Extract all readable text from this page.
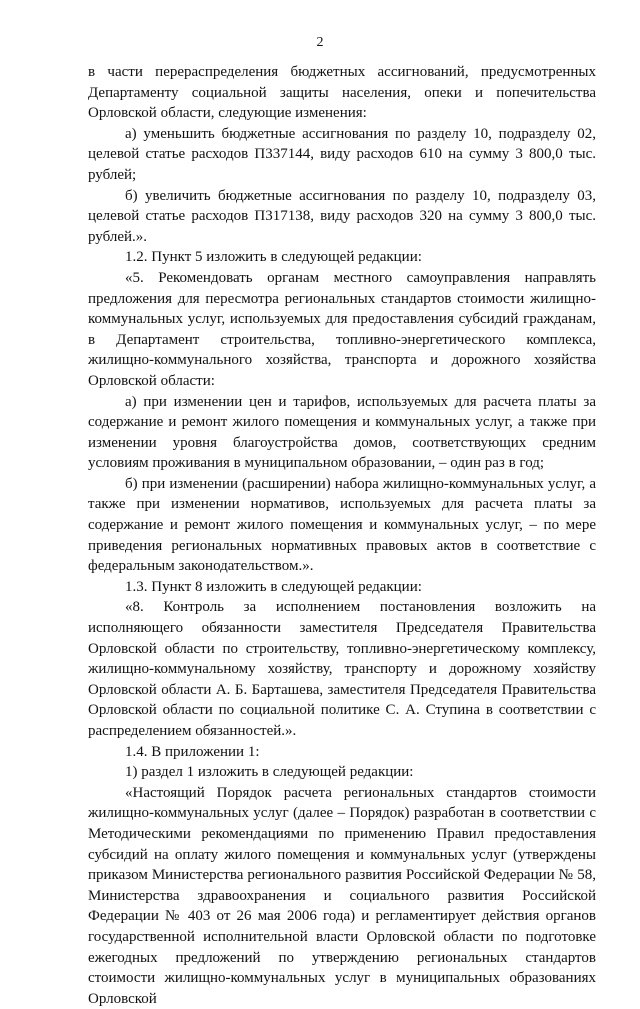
2

в части перераспределения бюджетных ассигнований, предусмотренных Департаменту социальной защиты населения, опеки и попечительства Орловской области, следующие изменения:

а) уменьшить бюджетные ассигнования по разделу 10, подразделу 02, целевой статье расходов П337144, виду расходов 610 на сумму 3 800,0 тыс. рублей;

б) увеличить бюджетные ассигнования по разделу 10, подразделу 03, целевой статье расходов П317138, виду расходов 320 на сумму 3 800,0 тыс. рублей.».

1.2. Пункт 5 изложить в следующей редакции:

«5. Рекомендовать органам местного самоуправления направлять предложения для пересмотра региональных стандартов стоимости жилищно-коммунальных услуг, используемых для предоставления субсидий гражданам, в Департамент строительства, топливно-энергетического комплекса, жилищно-коммунального хозяйства, транспорта и дорожного хозяйства Орловской области:

а) при изменении цен и тарифов, используемых для расчета платы за содержание и ремонт жилого помещения и коммунальных услуг, а также при изменении уровня благоустройства домов, соответствующих средним условиям проживания в муниципальном образовании, – один раз в год;

б) при изменении (расширении) набора жилищно-коммунальных услуг, а также при изменении нормативов, используемых для расчета платы за содержание и ремонт жилого помещения и коммунальных услуг, – по мере приведения региональных нормативных правовых актов в соответствие с федеральным законодательством.».

1.3. Пункт 8 изложить в следующей редакции:

«8. Контроль за исполнением постановления возложить на исполняющего обязанности заместителя Председателя Правительства Орловской области по строительству, топливно-энергетическому комплексу, жилищно-коммунальному хозяйству, транспорту и дорожному хозяйству Орловской области А. Б. Барташева, заместителя Председателя Правительства Орловской области по социальной политике С. А. Ступина в соответствии с распределением обязанностей.».

1.4. В приложении 1:

1) раздел 1 изложить в следующей редакции:

«Настоящий Порядок расчета региональных стандартов стоимости жилищно-коммунальных услуг (далее – Порядок) разработан в соответствии с Методическими рекомендациями по применению Правил предоставления субсидий на оплату жилого помещения и коммунальных услуг (утверждены приказом Министерства регионального развития Российской Федерации № 58, Министерства здравоохранения и социального развития Российской Федерации № 403 от 26 мая 2006 года) и регламентирует действия органов государственной исполнительной власти Орловской области по подготовке ежегодных предложений по утверждению региональных стандартов стоимости жилищно-коммунальных услуг в муниципальных образованиях Орловской
